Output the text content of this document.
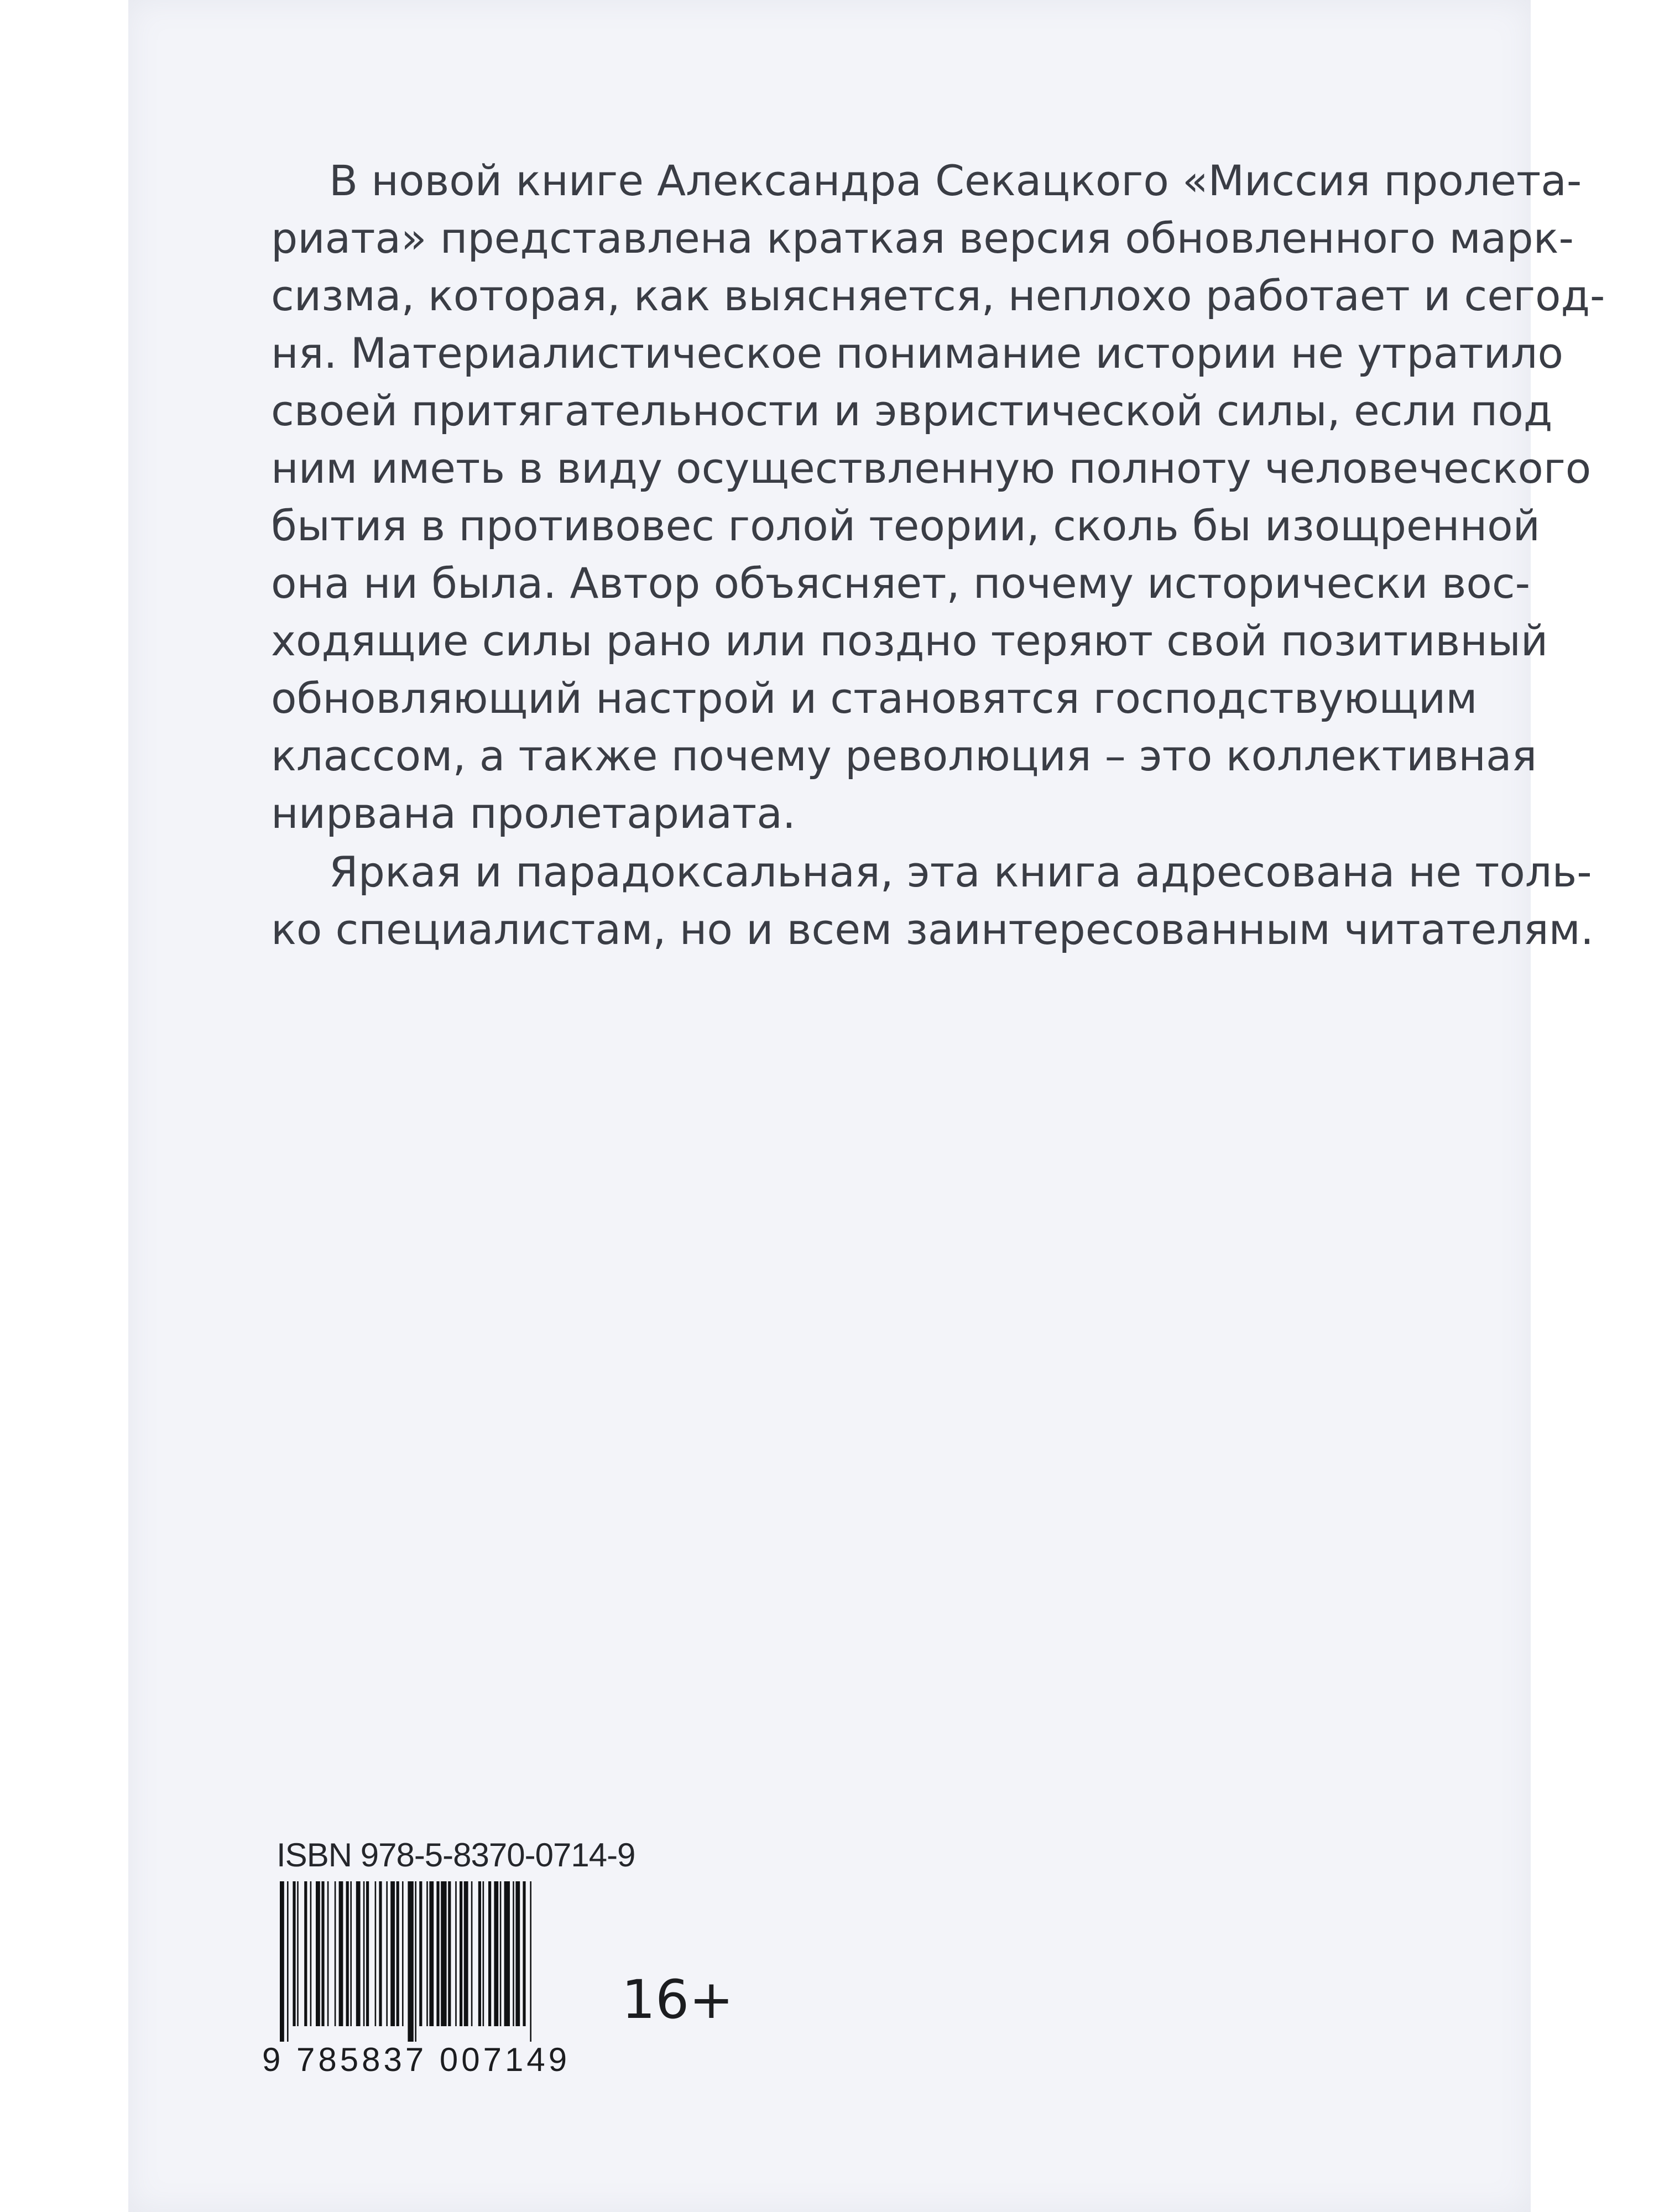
В новой книге Александра Секацкого «Миссия пролета-
риата» представлена краткая версия обновленного марк-
сизма, которая, как выясняется, неплохо работает и сегод-
ня. Материалистическое понимание истории не утратило
своей притягательности и эвристической силы, если под
ним иметь в виду осуществленную полноту человеческого
бытия в противовес голой теории, сколь бы изощренной
она ни была. Автор объясняет, почему исторически вос-
ходящие силы рано или поздно теряют свой позитивный
обновляющий настрой и становятся господствующим
классом, а также почему революция – это коллективная
нирвана пролетариата.
Яркая и парадоксальная, эта книга адресована не толь-
ко специалистам, но и всем заинтересованным читателям.
ISBN 978-5-8370-0714-9
9 785837 007149
16+
